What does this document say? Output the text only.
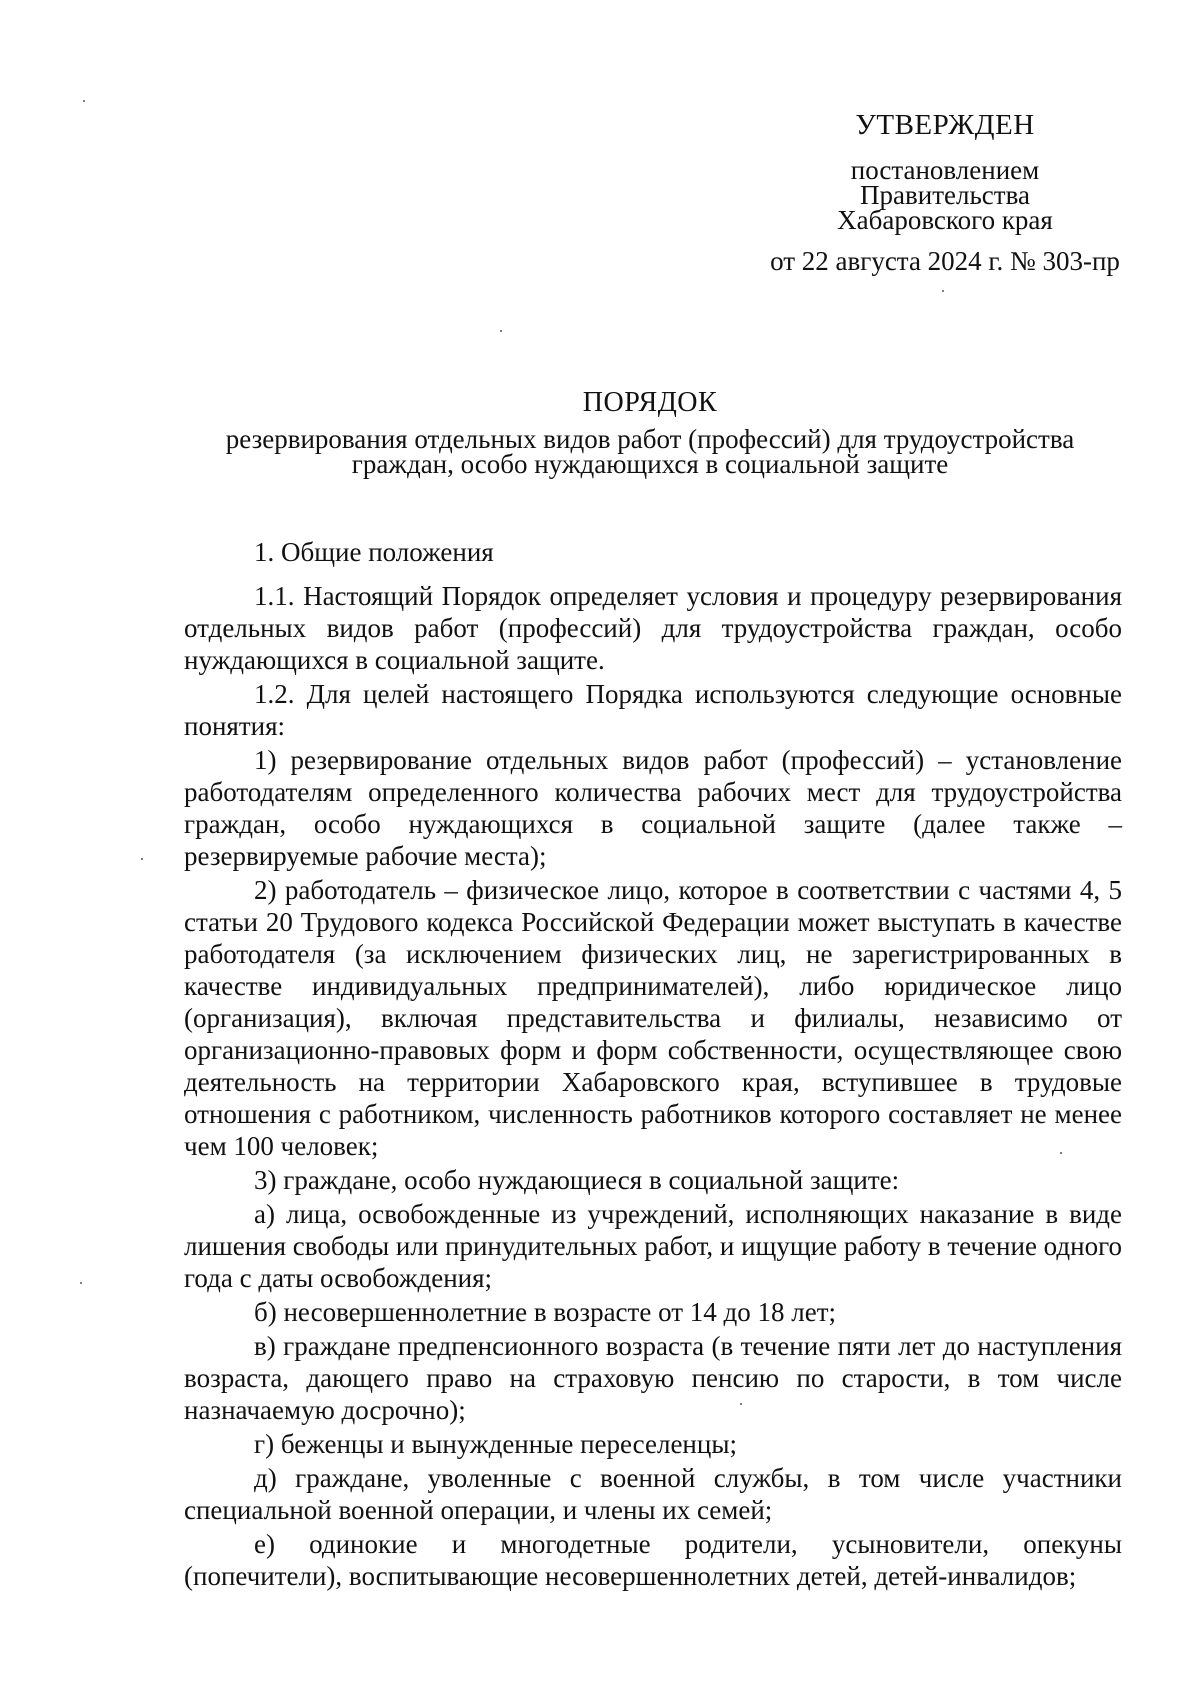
УТВЕРЖДЕН
постановлением
Правительства
Хабаровского края
от 22 августа 2024 г. № 303-пр
ПОРЯДОК
резервирования отдельных видов работ (профессий) для трудоустройства
граждан, особо нуждающихся в социальной защите

1. Общие положения

1.1. Настоящий Порядок определяет условия и процедуру резервирования отдельных видов работ (профессий) для трудоустройства граждан, особо нуждающихся в социальной защите.

1.2. Для целей настоящего Порядка используются следующие основные понятия:

1) резервирование отдельных видов работ (профессий) – установление работодателям определенного количества рабочих мест для трудоустройства граждан, особо нуждающихся в социальной защите (далее также – резервируемые рабочие места);

2) работодатель – физическое лицо, которое в соответствии с частями 4, 5 статьи 20 Трудового кодекса Российской Федерации может выступать в качестве работодателя (за исключением физических лиц, не зарегистрированных в качестве индивидуальных предпринимателей), либо юридическое лицо (организация), включая представительства и филиалы, независимо от организационно-правовых форм и форм собственности, осуществляющее свою деятельность на территории Хабаровского края, вступившее в трудовые отношения с работником, численность работников которого составляет не менее чем 100 человек;

3) граждане, особо нуждающиеся в социальной защите:

а) лица, освобожденные из учреждений, исполняющих наказание в виде лишения свободы или принудительных работ, и ищущие работу в течение одного года с даты освобождения;

б) несовершеннолетние в возрасте от 14 до 18 лет;

в) граждане предпенсионного возраста (в течение пяти лет до наступления возраста, дающего право на страховую пенсию по старости, в том числе назначаемую досрочно);

г) беженцы и вынужденные переселенцы;

д) граждане, уволенные с военной службы, в том числе участники специальной военной операции, и члены их семей;

е) одинокие и многодетные родители, усыновители, опекуны (попечители), воспитывающие несовершеннолетних детей, детей-инвалидов;
